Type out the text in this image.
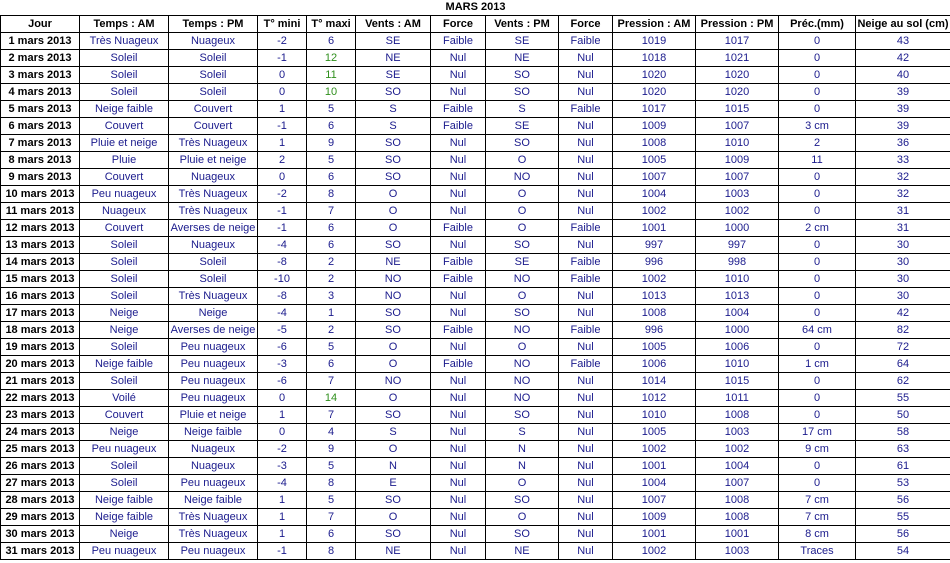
MARS 2013												
Jour	Temps : AM	Temps : PM	T° mini	T° maxi	Vents : AM	Force	Vents : PM	Force	Pression : AM	Pression : PM	Préc.(mm)	Neige au sol (cm)
1 mars 2013	Très Nuageux	Nuageux	-2	6	SE	Faible	SE	Faible	1019	1017	0	43
2 mars 2013	Soleil	Soleil	-1	12	NE	Nul	NE	Nul	1018	1021	0	42
3 mars 2013	Soleil	Soleil	0	11	SE	Nul	SO	Nul	1020	1020	0	40
4 mars 2013	Soleil	Soleil	0	10	SO	Nul	SO	Nul	1020	1020	0	39
5 mars 2013	Neige faible	Couvert	1	5	S	Faible	S	Faible	1017	1015	0	39
6 mars 2013	Couvert	Couvert	-1	6	S	Faible	SE	Nul	1009	1007	3 cm	39
7 mars 2013	Pluie et neige	Très Nuageux	1	9	SO	Nul	SO	Nul	1008	1010	2	36
8 mars 2013	Pluie	Pluie et neige	2	5	SO	Nul	O	Nul	1005	1009	11	33
9 mars 2013	Couvert	Nuageux	0	6	SO	Nul	NO	Nul	1007	1007	0	32
10 mars 2013	Peu nuageux	Très Nuageux	-2	8	O	Nul	O	Nul	1004	1003	0	32
11 mars 2013	Nuageux	Très Nuageux	-1	7	O	Nul	O	Nul	1002	1002	0	31
12 mars 2013	Couvert	Averses de neige	-1	6	O	Faible	O	Faible	1001	1000	2 cm	31
13 mars 2013	Soleil	Nuageux	-4	6	SO	Nul	SO	Nul	997	997	0	30
14 mars 2013	Soleil	Soleil	-8	2	NE	Faible	SE	Faible	996	998	0	30
15 mars 2013	Soleil	Soleil	-10	2	NO	Faible	NO	Faible	1002	1010	0	30
16 mars 2013	Soleil	Très Nuageux	-8	3	NO	Nul	O	Nul	1013	1013	0	30
17 mars 2013	Neige	Neige	-4	1	SO	Nul	SO	Nul	1008	1004	0	42
18 mars 2013	Neige	Averses de neige	-5	2	SO	Faible	NO	Faible	996	1000	64 cm	82
19 mars 2013	Soleil	Peu nuageux	-6	5	O	Nul	O	Nul	1005	1006	0	72
20 mars 2013	Neige faible	Peu nuageux	-3	6	O	Faible	NO	Faible	1006	1010	1 cm	64
21 mars 2013	Soleil	Peu nuageux	-6	7	NO	Nul	NO	Nul	1014	1015	0	62
22 mars 2013	Voilé	Peu nuageux	0	14	O	Nul	NO	Nul	1012	1011	0	55
23 mars 2013	Couvert	Pluie et neige	1	7	SO	Nul	SO	Nul	1010	1008	0	50
24 mars 2013	Neige	Neige faible	0	4	S	Nul	S	Nul	1005	1003	17 cm	58
25 mars 2013	Peu nuageux	Nuageux	-2	9	O	Nul	N	Nul	1002	1002	9 cm	63
26 mars 2013	Soleil	Nuageux	-3	5	N	Nul	N	Nul	1001	1004	0	61
27 mars 2013	Soleil	Peu nuageux	-4	8	E	Nul	O	Nul	1004	1007	0	53
28 mars 2013	Neige faible	Neige faible	1	5	SO	Nul	SO	Nul	1007	1008	7 cm	56
29 mars 2013	Neige faible	Très Nuageux	1	7	O	Nul	O	Nul	1009	1008	7 cm	55
30 mars 2013	Neige	Très Nuageux	1	6	SO	Nul	SO	Nul	1001	1001	8 cm	56
31 mars 2013	Peu nuageux	Peu nuageux	-1	8	NE	Nul	NE	Nul	1002	1003	Traces	54
